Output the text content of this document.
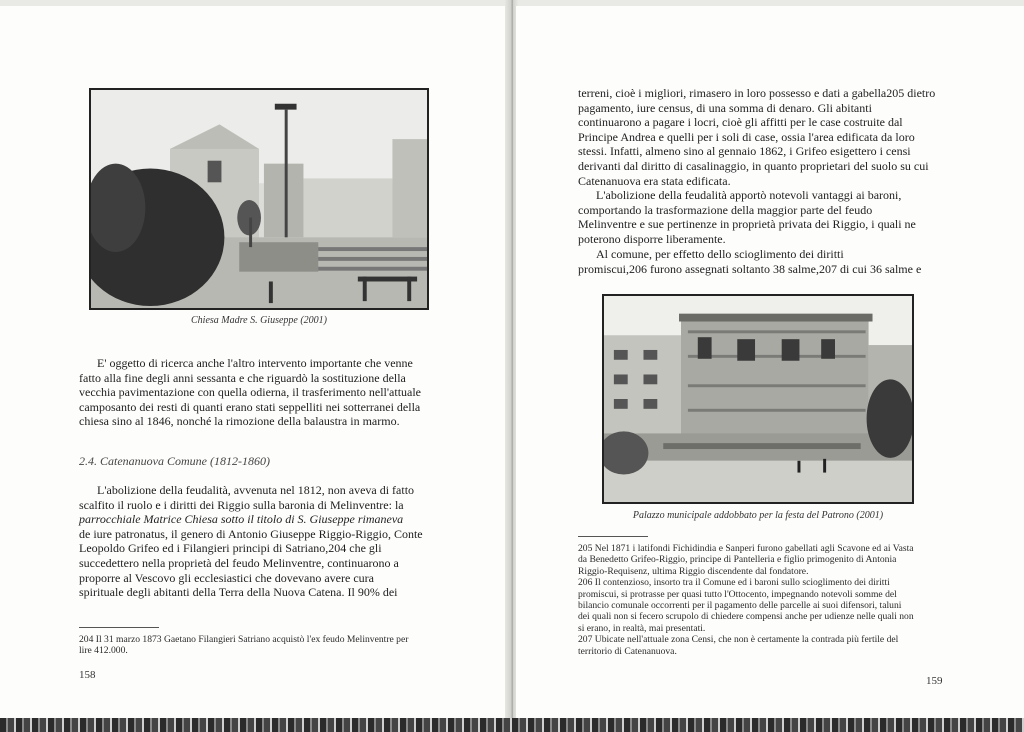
Chiesa Madre S. Giuseppe (2001)
E' oggetto di ricerca anche l'altro intervento importante che venne
fatto alla fine degli anni sessanta e che riguardò la sostituzione della
vecchia pavimentazione con quella odierna, il trasferimento nell'attuale
camposanto dei resti di quanti erano stati seppelliti nei sotterranei della
chiesa sino al 1846, nonché la rimozione della balaustra in marmo.
2.4. Catenanuova Comune (1812-1860)
L'abolizione della feudalità, avvenuta nel 1812, non aveva di fatto
scalfito il ruolo e i diritti dei Riggio sulla baronia di Melinventre: la
parrocchiale Matrice Chiesa sotto il titolo di S. Giuseppe rimaneva
de iure patronatus, il genero di Antonio Giuseppe Riggio-Riggio, Conte
Leopoldo Grifeo ed i Filangieri principi di Satriano,204 che gli
succedettero nella proprietà del feudo Melinventre, continuarono a
proporre al Vescovo gli ecclesiastici che dovevano avere cura
spirituale degli abitanti della Terra della Nuova Catena. Il 90% dei
204 Il 31 marzo 1873 Gaetano Filangieri Satriano acquistò l'ex feudo Melinventre per
lire 412.000.
158
terreni, cioè i migliori, rimasero in loro possesso e dati a gabella205 dietro
pagamento, iure census, di una somma di denaro. Gli abitanti
continuarono a pagare i locri, cioè gli affitti per le case costruite dal
Principe Andrea e quelli per i soli di case, ossia l'area edificata da loro
stessi. Infatti, almeno sino al gennaio 1862, i Grifeo esigettero i censi
derivanti dal diritto di casalinaggio, in quanto proprietari del suolo su cui
Catenanuova era stata edificata.
L'abolizione della feudalità apportò notevoli vantaggi ai baroni,
comportando la trasformazione della maggior parte del feudo
Melinventre e sue pertinenze in proprietà privata dei Riggio, i quali ne
poterono disporre liberamente.
Al comune, per effetto dello scioglimento dei diritti
promiscui,206 furono assegnati soltanto 38 salme,207 di cui 36 salme e
Palazzo municipale addobbato per la festa del Patrono (2001)
205 Nel 1871 i latifondi Fichidindia e Sanperi furono gabellati agli Scavone ed ai Vasta
da Benedetto Grifeo-Riggio, principe di Pantelleria e figlio primogenito di Antonia
Riggio-Requisenz, ultima Riggio discendente dal fondatore.
206 Il contenzioso, insorto tra il Comune ed i baroni sullo scioglimento dei diritti
promiscui, si protrasse per quasi tutto l'Ottocento, impegnando notevoli somme del
bilancio comunale occorrenti per il pagamento delle parcelle ai suoi difensori, taluni
dei quali non si fecero scrupolo di chiedere compensi anche per udienze nelle quali non
si erano, in realtà, mai presentati.
207 Ubicate nell'attuale zona Censi, che non è certamente la contrada più fertile del
territorio di Catenanuova.
159
